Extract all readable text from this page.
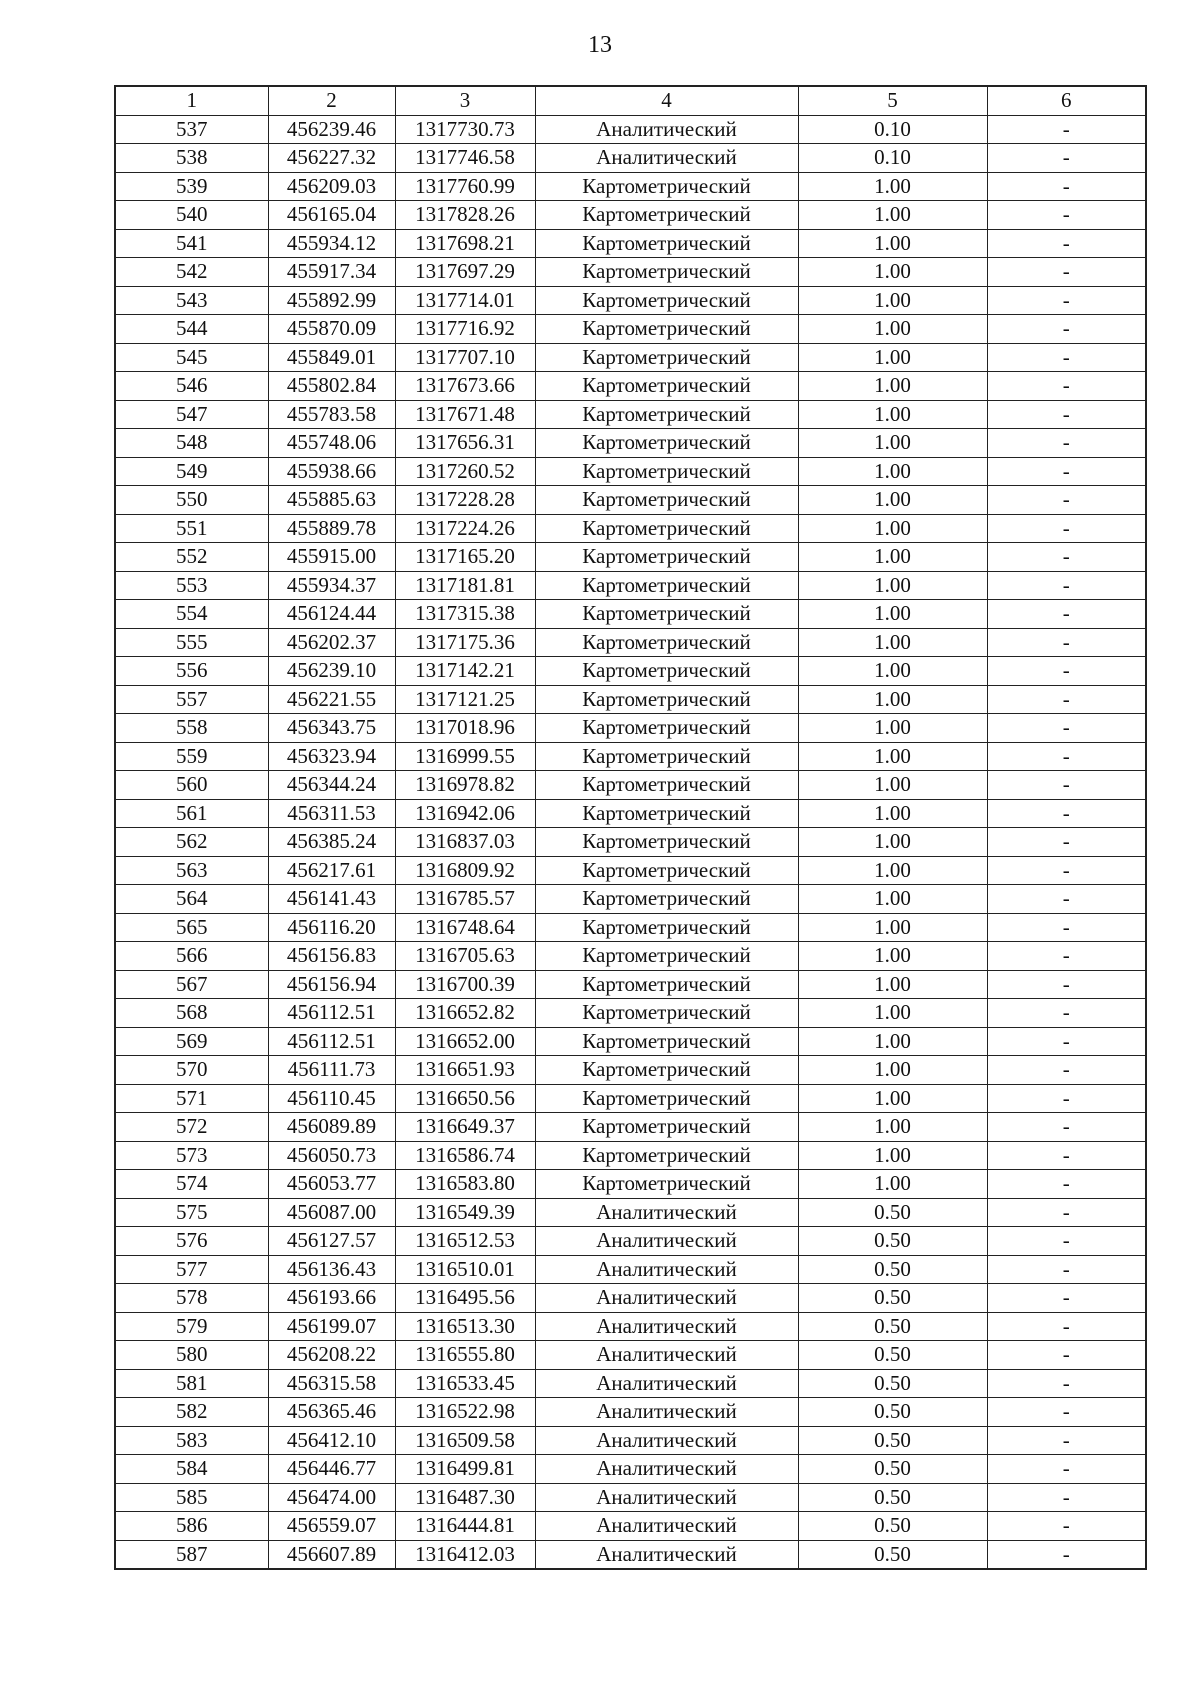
13
1	2	3	4	5	6
537	456239.46	1317730.73	Аналитический	0.10	-
538	456227.32	1317746.58	Аналитический	0.10	-
539	456209.03	1317760.99	Картометрический	1.00	-
540	456165.04	1317828.26	Картометрический	1.00	-
541	455934.12	1317698.21	Картометрический	1.00	-
542	455917.34	1317697.29	Картометрический	1.00	-
543	455892.99	1317714.01	Картометрический	1.00	-
544	455870.09	1317716.92	Картометрический	1.00	-
545	455849.01	1317707.10	Картометрический	1.00	-
546	455802.84	1317673.66	Картометрический	1.00	-
547	455783.58	1317671.48	Картометрический	1.00	-
548	455748.06	1317656.31	Картометрический	1.00	-
549	455938.66	1317260.52	Картометрический	1.00	-
550	455885.63	1317228.28	Картометрический	1.00	-
551	455889.78	1317224.26	Картометрический	1.00	-
552	455915.00	1317165.20	Картометрический	1.00	-
553	455934.37	1317181.81	Картометрический	1.00	-
554	456124.44	1317315.38	Картометрический	1.00	-
555	456202.37	1317175.36	Картометрический	1.00	-
556	456239.10	1317142.21	Картометрический	1.00	-
557	456221.55	1317121.25	Картометрический	1.00	-
558	456343.75	1317018.96	Картометрический	1.00	-
559	456323.94	1316999.55	Картометрический	1.00	-
560	456344.24	1316978.82	Картометрический	1.00	-
561	456311.53	1316942.06	Картометрический	1.00	-
562	456385.24	1316837.03	Картометрический	1.00	-
563	456217.61	1316809.92	Картометрический	1.00	-
564	456141.43	1316785.57	Картометрический	1.00	-
565	456116.20	1316748.64	Картометрический	1.00	-
566	456156.83	1316705.63	Картометрический	1.00	-
567	456156.94	1316700.39	Картометрический	1.00	-
568	456112.51	1316652.82	Картометрический	1.00	-
569	456112.51	1316652.00	Картометрический	1.00	-
570	456111.73	1316651.93	Картометрический	1.00	-
571	456110.45	1316650.56	Картометрический	1.00	-
572	456089.89	1316649.37	Картометрический	1.00	-
573	456050.73	1316586.74	Картометрический	1.00	-
574	456053.77	1316583.80	Картометрический	1.00	-
575	456087.00	1316549.39	Аналитический	0.50	-
576	456127.57	1316512.53	Аналитический	0.50	-
577	456136.43	1316510.01	Аналитический	0.50	-
578	456193.66	1316495.56	Аналитический	0.50	-
579	456199.07	1316513.30	Аналитический	0.50	-
580	456208.22	1316555.80	Аналитический	0.50	-
581	456315.58	1316533.45	Аналитический	0.50	-
582	456365.46	1316522.98	Аналитический	0.50	-
583	456412.10	1316509.58	Аналитический	0.50	-
584	456446.77	1316499.81	Аналитический	0.50	-
585	456474.00	1316487.30	Аналитический	0.50	-
586	456559.07	1316444.81	Аналитический	0.50	-
587	456607.89	1316412.03	Аналитический	0.50	-
